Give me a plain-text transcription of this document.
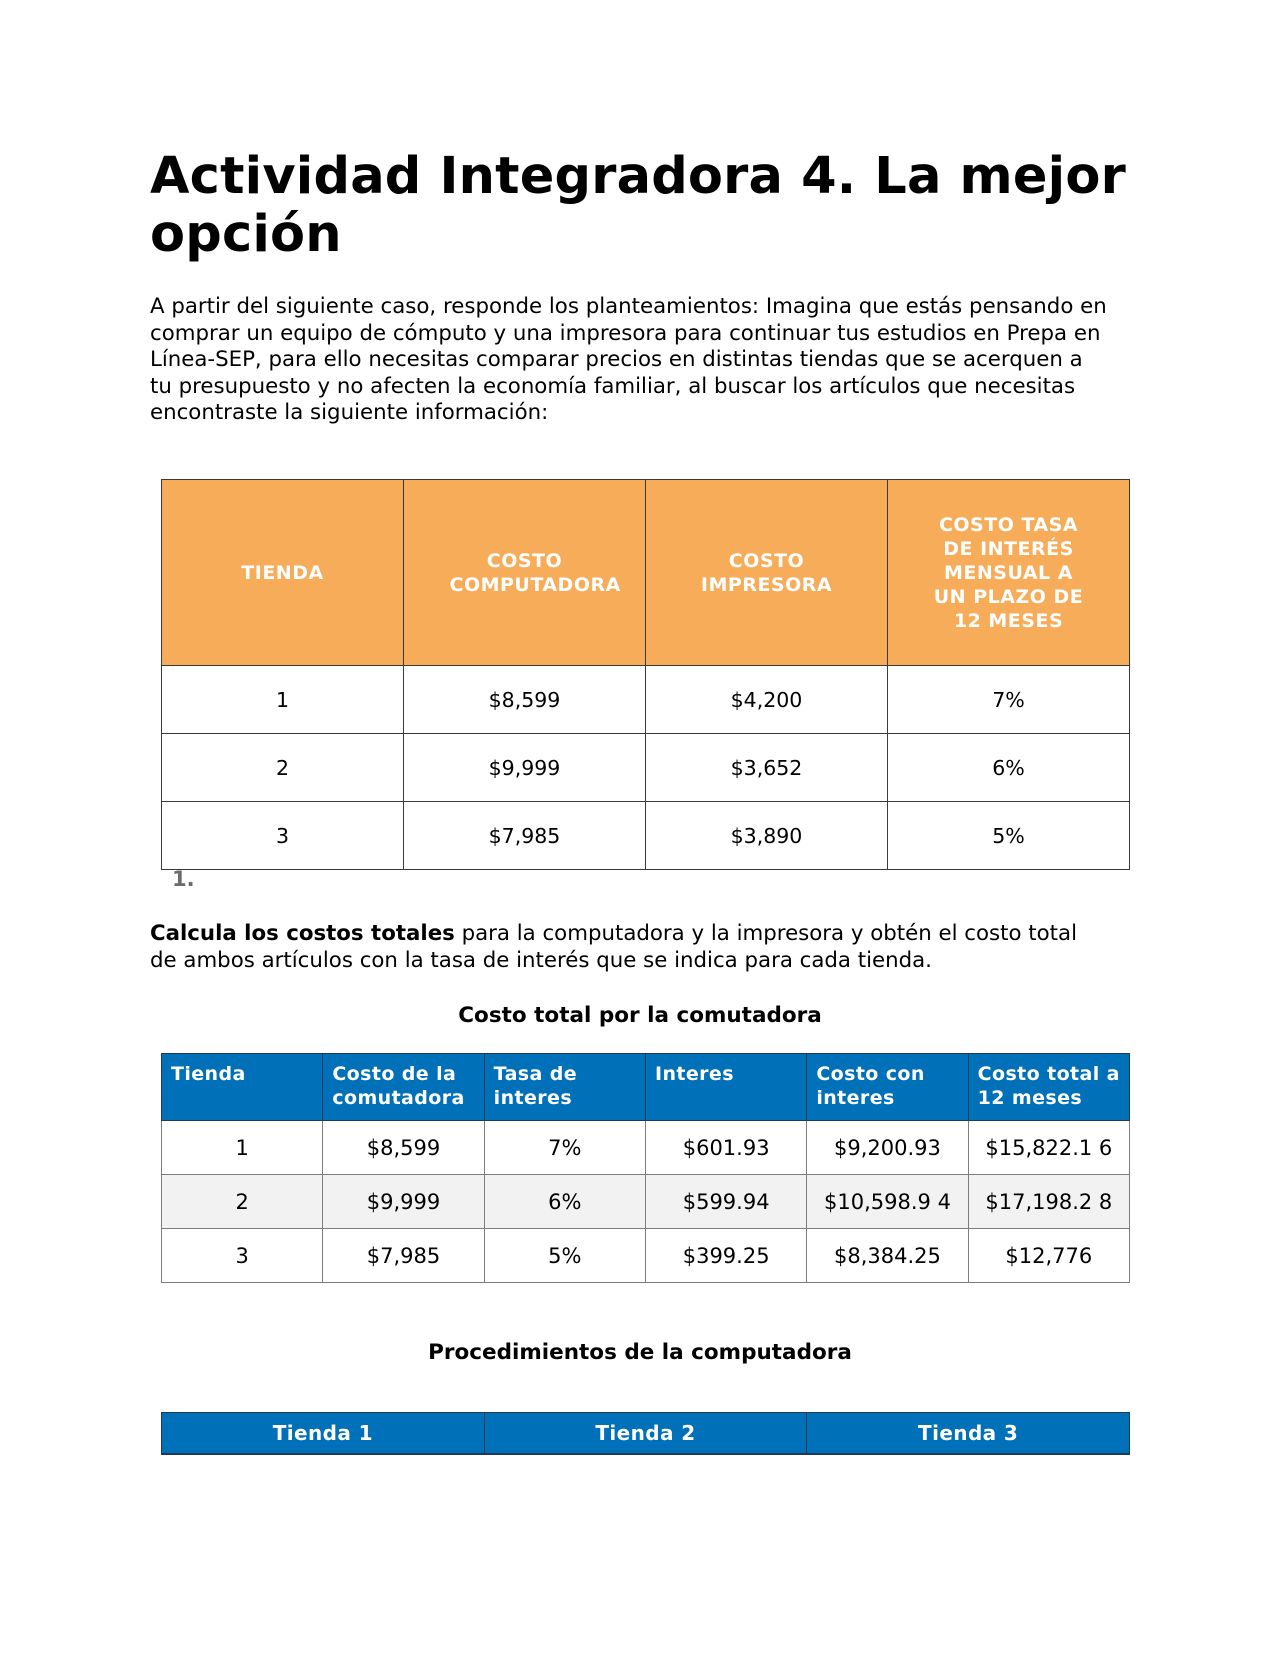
Actividad Integradora 4. La mejor opción

A partir del siguiente caso, responde los planteamientos: Imagina que estás pensando en comprar un equipo de cómputo y una impresora para continuar tus estudios en Prepa en Línea-SEP, para ello necesitas comparar precios en distintas tiendas que se acerquen a tu presupuesto y no afecten la economía familiar, al buscar los artículos que necesitas encontraste la siguiente información:

TIENDA	COSTO COMPUTADORA	COSTO IMPRESORA	COSTO TASA DE INTERÉS MENSUAL A UN PLAZO DE 12 MESES

1	$8,599	$4,200	7%
2	$9,999	$3,652	6%
3	$7,985	$3,890	5%
1.

Calcula los costos totales para la computadora y la impresora y obtén el costo total de ambos artículos con la tasa de interés que se indica para cada tienda.

Costo total por la comutadora
Tienda	Costo de la comutadora	Tasa de interes	Interes	Costo con interes	Costo total a 12 meses
1	$8,599	7%	$601.93	$9,200.93	$15,822.1 6
2	$9,999	6%	$599.94	$10,598.9 4	$17,198.2 8
3	$7,985	5%	$399.25	$8,384.25	$12,776
Procedimientos de la computadora
Tienda 1	Tienda 2	Tienda 3
